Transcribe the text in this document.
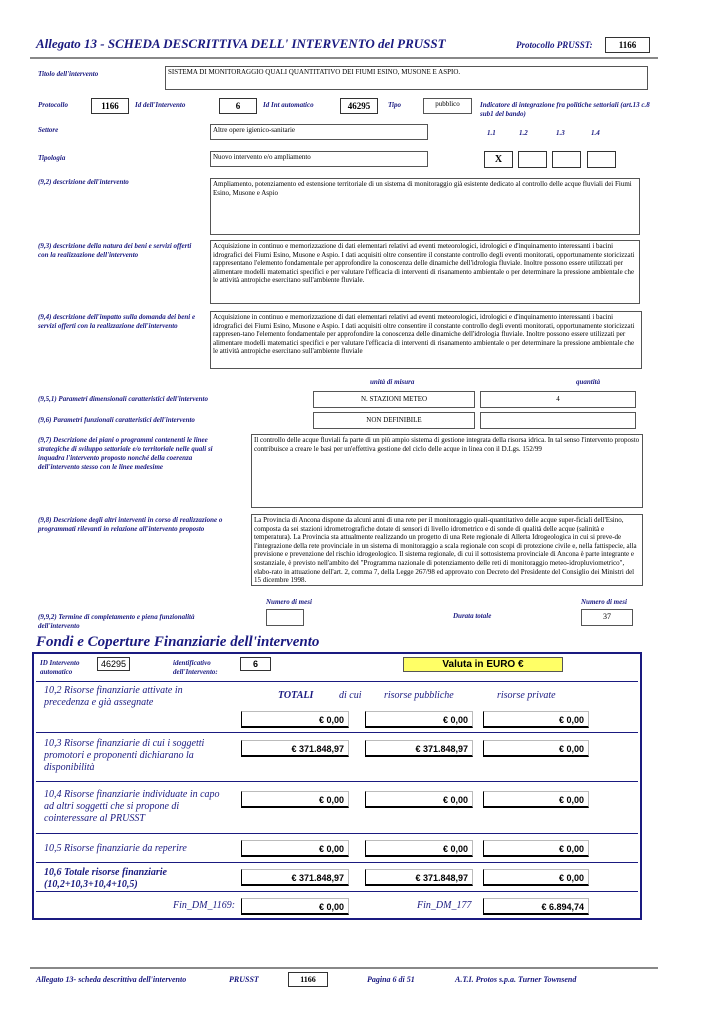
Allegato 13 - SCHEDA DESCRITTIVA DELL' INTERVENTO del PRUSST	Protocollo PRUSST:	1166
Titolo dell'intervento	SISTEMA DI MONITORAGGIO QUALI QUANTITATIVO DEI FIUMI ESINO, MUSONE E ASPIO.
Protocollo	1166	Id dell'Intervento	6	Id Int automatico	46295	Tipo	pubblico	Indicatore di integrazione fra politiche settoriali (art.13 c.8 sub1 del bando)
Settore	Altre opere igienico-sanitarie	1.1	1.2	1.3	1.4
Tipologia	Nuovo intervento e/o ampliamento	X
(9,2) descrizione dell'intervento	Ampliamento, potenziamento ed estensione territoriale di un sistema di monitoraggio già esistente dedicato al controllo delle acque fluviali dei Fiumi Esino, Musone e Aspio
(9,3) descrizione della natura dei beni e servizi offerti con la realizzazione dell'intervento
Acquisizione in continuo e memorizzazione di dati elementari relativi ad eventi meteorologici, idrologici e d'inquinamento interessanti i bacini idrografici dei Fiumi Esino, Musone e Aspio. I dati acquisiti oltre consentire il constante controllo degli eventi monitorati, opportunamente storicizzati rappresentano l'elemento fondamentale per approfondire la conoscenza delle dinamiche dell'idrologia fluviale. Inoltre possono essere utilizzati per alimentare modelli matematici specifici e per valutare l'efficacia di interventi di risanamento ambientale o per determinare la pressione ambientale che le attività antropiche esercitano sull'ambiente fluviale.
(9,4) descrizione dell'impatto sulla domanda dei beni e servizi offerti con la realizzazione dell'intervento
Acquisizione in continuo e memorizzazione di dati elementari relativi ad eventi meteorologici, idrologici e d'inquinamento interessanti i bacini idrografici dei Fiumi Esino, Musone e Aspio. I dati acquisiti oltre consentire il constante controllo degli eventi monitorati, opportunamente storicizzati rappresen-tano l'elemento fondamentale per approfondire la conoscenza delle dinamiche dell'idrologia fluviale. Inoltre possono essere utilizzati per alimentare modelli matematici specifici e per valutare l'efficacia di interventi di risanamento ambientale o per determinare la pressione ambientale che le attività antropiche esercitano sull'ambiente fluviale
unità di misura	quantità
(9,5,1) Parametri dimensionali caratteristici dell'intervento	N. STAZIONI METEO	4
(9,6) Parametri funzionali caratteristici dell'intervento	NON DEFINIBILE
(9,7) Descrizione dei piani o programmi contenenti le linee strategiche di sviluppo settoriale e/o territoriale nelle quali si inquadra l'intervento proposto nonché della coerenza dell'intervento stesso con le linee medesime
Il controllo delle acque fluviali fa parte di un più ampio sistema di gestione integrata della risorsa idrica. In tal senso l'intervento proposto contribuisce a creare le basi per un'effettiva gestione del ciclo delle acque in linea con il D.Lgs. 152/99
(9,8) Descrizione degli altri interventi in corso di realizzazione o programmati rilevanti in relazione all'intervento proposto
La Provincia di Ancona dispone da alcuni anni di una rete per il monitoraggio quali-quantitativo delle acque super-ficiali dell'Esino, composta da sei stazioni idrometrografiche dotate di sensori di livello idrometrico e di sonde di qualità delle acque (salinità e temperatura). La Provincia sta attualmente realizzando un progetto di una Rete regionale di Allerta Idrogeologica in cui si preve-de l'integrazione della rete provinciale in un sistema di monitoraggio a scala regionale con scopi di protezione civile e, nella fattispecie, alla previsione e prevenzione del rischio idrogeologico. Il sistema regionale, di cui il sottosistema provinciale di Ancona è parte integrante e sostanziale, è previsto nell'ambito del "Programma nazionale di potenziamento delle reti di monitoraggio meteo-idropluviometrico", elabo-rato in attuazione dell'art. 2, comma 7, della Legge 267/98 ed approvato con Decreto del Presidente del Consiglio dei Ministri del 15 dicembre 1998.
Numero di mesi
(9,9,2) Termine di completamento e piena funzionalità dell'intervento
Durata totale
Numero di mesi
37
Fondi e Coperture Finanziarie dell'intervento
ID Intervento automatico
46295	identificativo dell'Intervento:
6	Valuta in EURO €
10,2 Risorse finanziarie attivate in precedenza e già assegnate
TOTALI	di cui risorse pubbliche	risorse private
€ 0,00	€ 0,00	€ 0,00
10,3 Risorse finanziarie di cui i soggetti promotori e proponenti dichiarano la disponibilità
€ 371.848,97	€ 371.848,97	€ 0,00
10,4 Risorse finanziarie individuate in capo ad altri soggetti che si propone di cointeressare al PRUSST
€ 0,00	€ 0,00	€ 0,00
10,5 Risorse finanziarie da reperire	€ 0,00	€ 0,00	€ 0,00
10,6 Totale risorse finanziarie (10,2+10,3+10,4+10,5)
€ 371.848,97	€ 371.848,97	€ 0,00
Fin_DM_1169:	€ 0,00	Fin_DM_177	€ 6.894,74
Allegato 13- scheda descrittiva dell'intervento	PRUSST	1166	Pagina 6 di 51	A.T.I. Protos s.p.a. Turner Townsend
